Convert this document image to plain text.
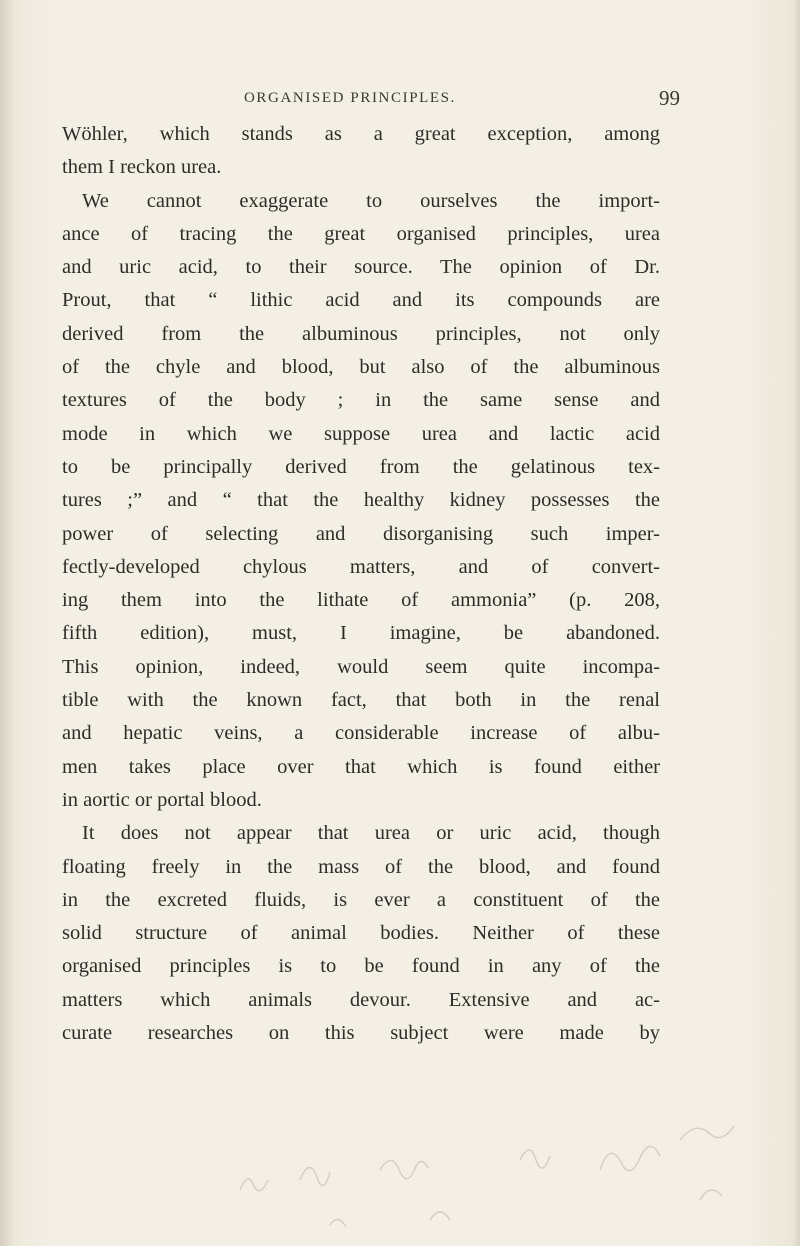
ORGANISED PRINCIPLES.	99
Wöhler, which stands as a great exception, among
them I reckon urea.
We cannot exaggerate to ourselves the import-
ance of tracing the great organised principles, urea
and uric acid, to their source. The opinion of Dr.
Prout, that “ lithic acid and its compounds are
derived from the albuminous principles, not only
of the chyle and blood, but also of the albuminous
textures of the body ; in the same sense and
mode in which we suppose urea and lactic acid
to be principally derived from the gelatinous tex-
tures ;” and “ that the healthy kidney possesses the
power of selecting and disorganising such imper-
fectly-developed chylous matters, and of convert-
ing them into the lithate of ammonia” (p. 208,
fifth edition), must, I imagine, be abandoned.
This opinion, indeed, would seem quite incompa-
tible with the known fact, that both in the renal
and hepatic veins, a considerable increase of albu-
men takes place over that which is found either
in aortic or portal blood.
It does not appear that urea or uric acid, though
floating freely in the mass of the blood, and found
in the excreted fluids, is ever a constituent of the
solid structure of animal bodies. Neither of these
organised principles is to be found in any of the
matters which animals devour. Extensive and ac-
curate researches on this subject were made by
